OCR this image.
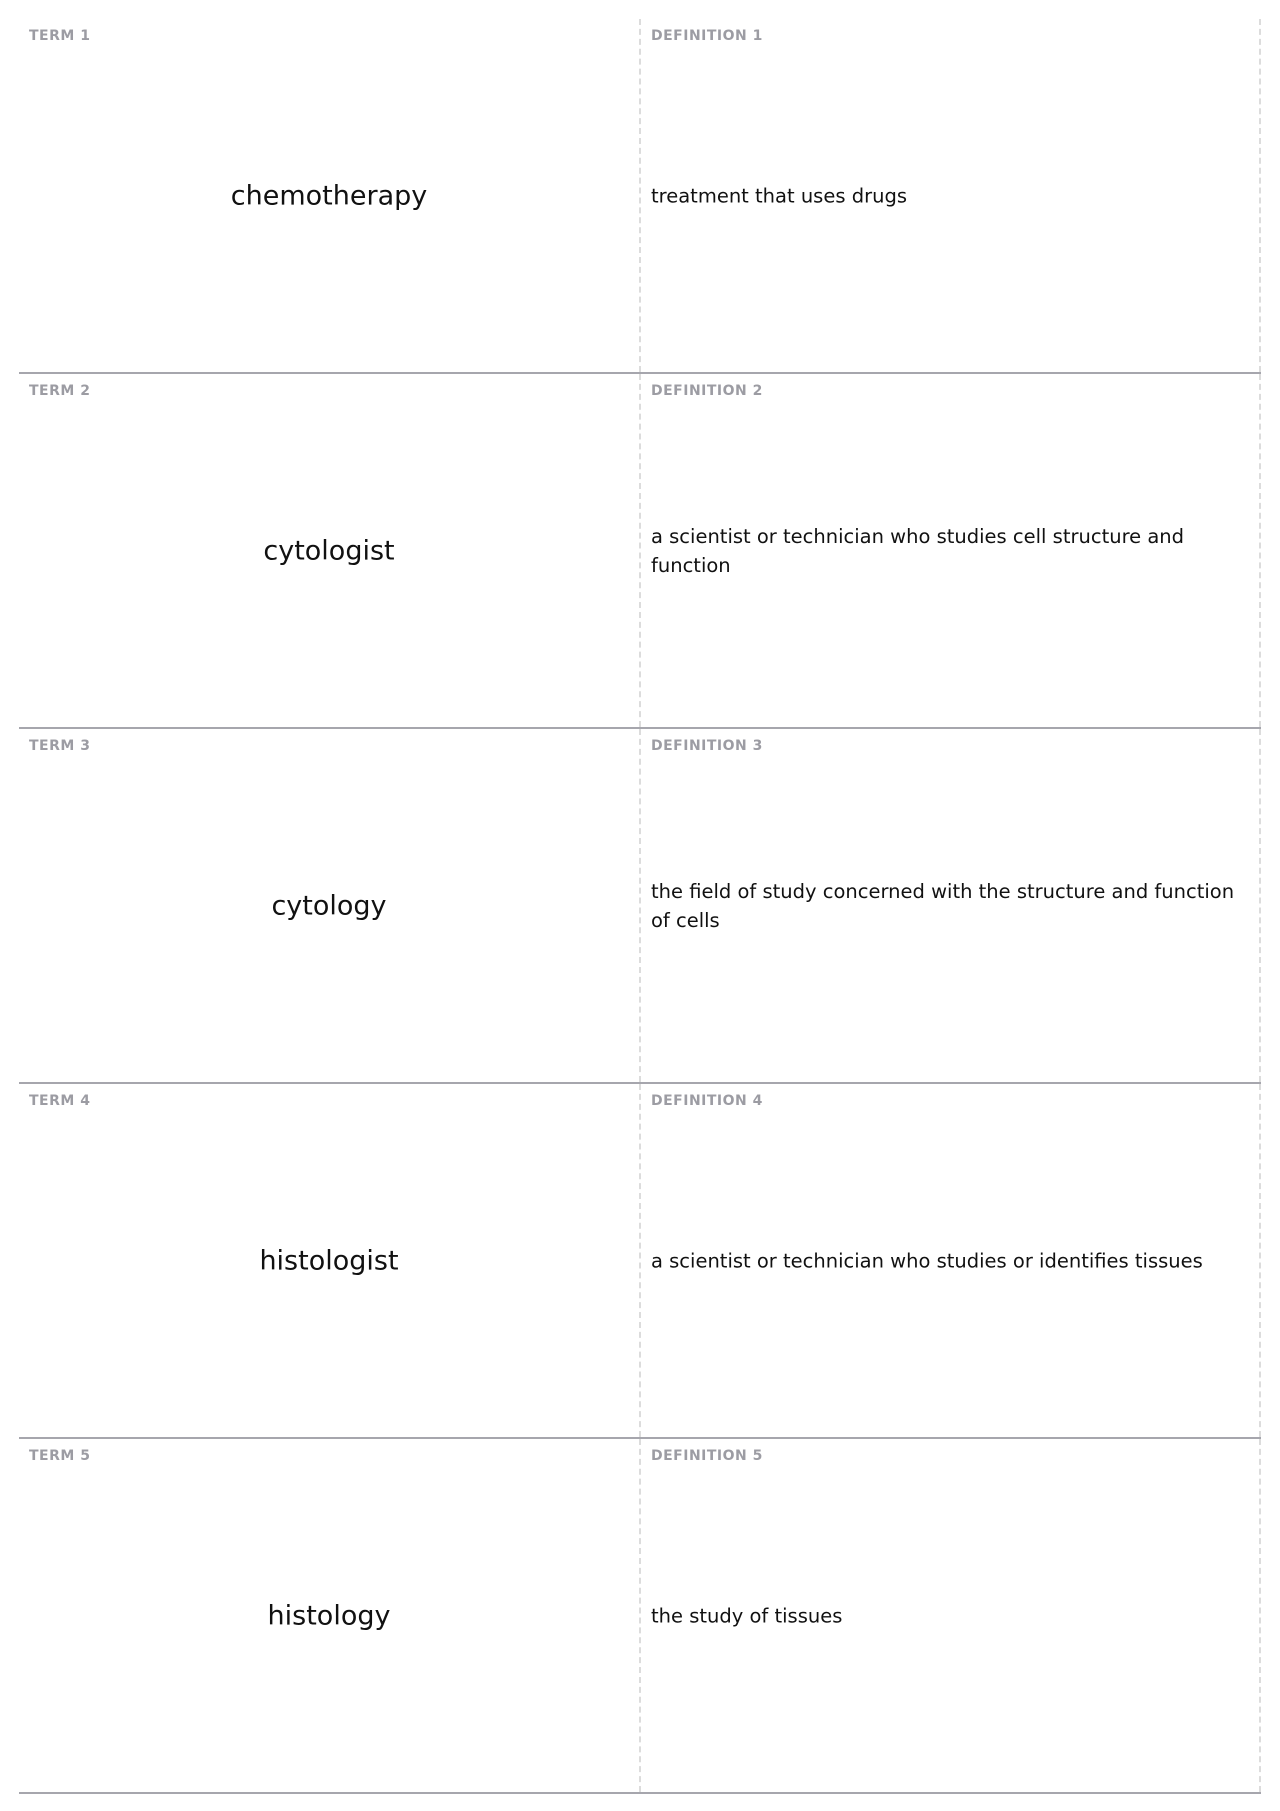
TERM 1
chemotherapy
DEFINITION 1
treatment that uses drugs
TERM 2
cytologist
DEFINITION 2
a scientist or technician who studies cell structure and function
TERM 3
cytology
DEFINITION 3
the field of study concerned with the structure and function of cells
TERM 4
histologist
DEFINITION 4
a scientist or technician who studies or identifies tissues
TERM 5
histology
DEFINITION 5
the study of tissues
